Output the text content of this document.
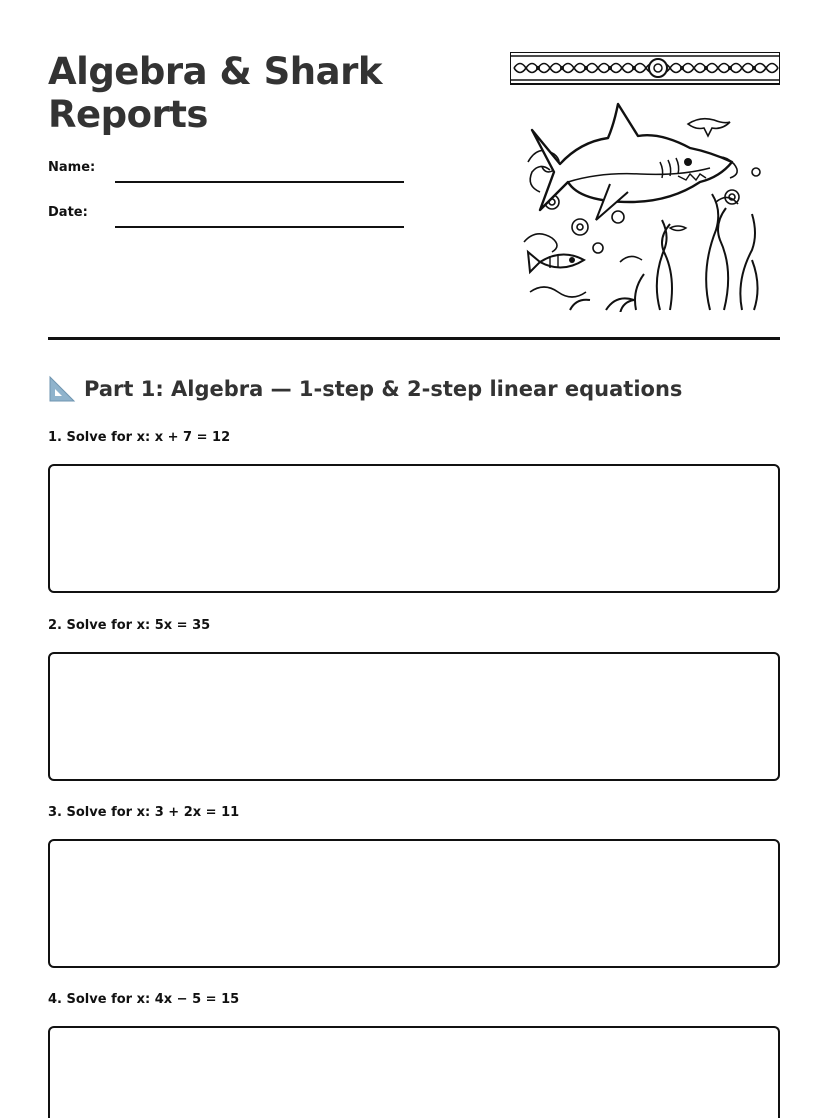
Algebra & Shark Reports
Name:
Date:
Part 1: Algebra — 1-step & 2-step linear equations
1. Solve for x: x + 7 = 12
2. Solve for x: 5x = 35
3. Solve for x: 3 + 2x = 11
4. Solve for x: 4x − 5 = 15
